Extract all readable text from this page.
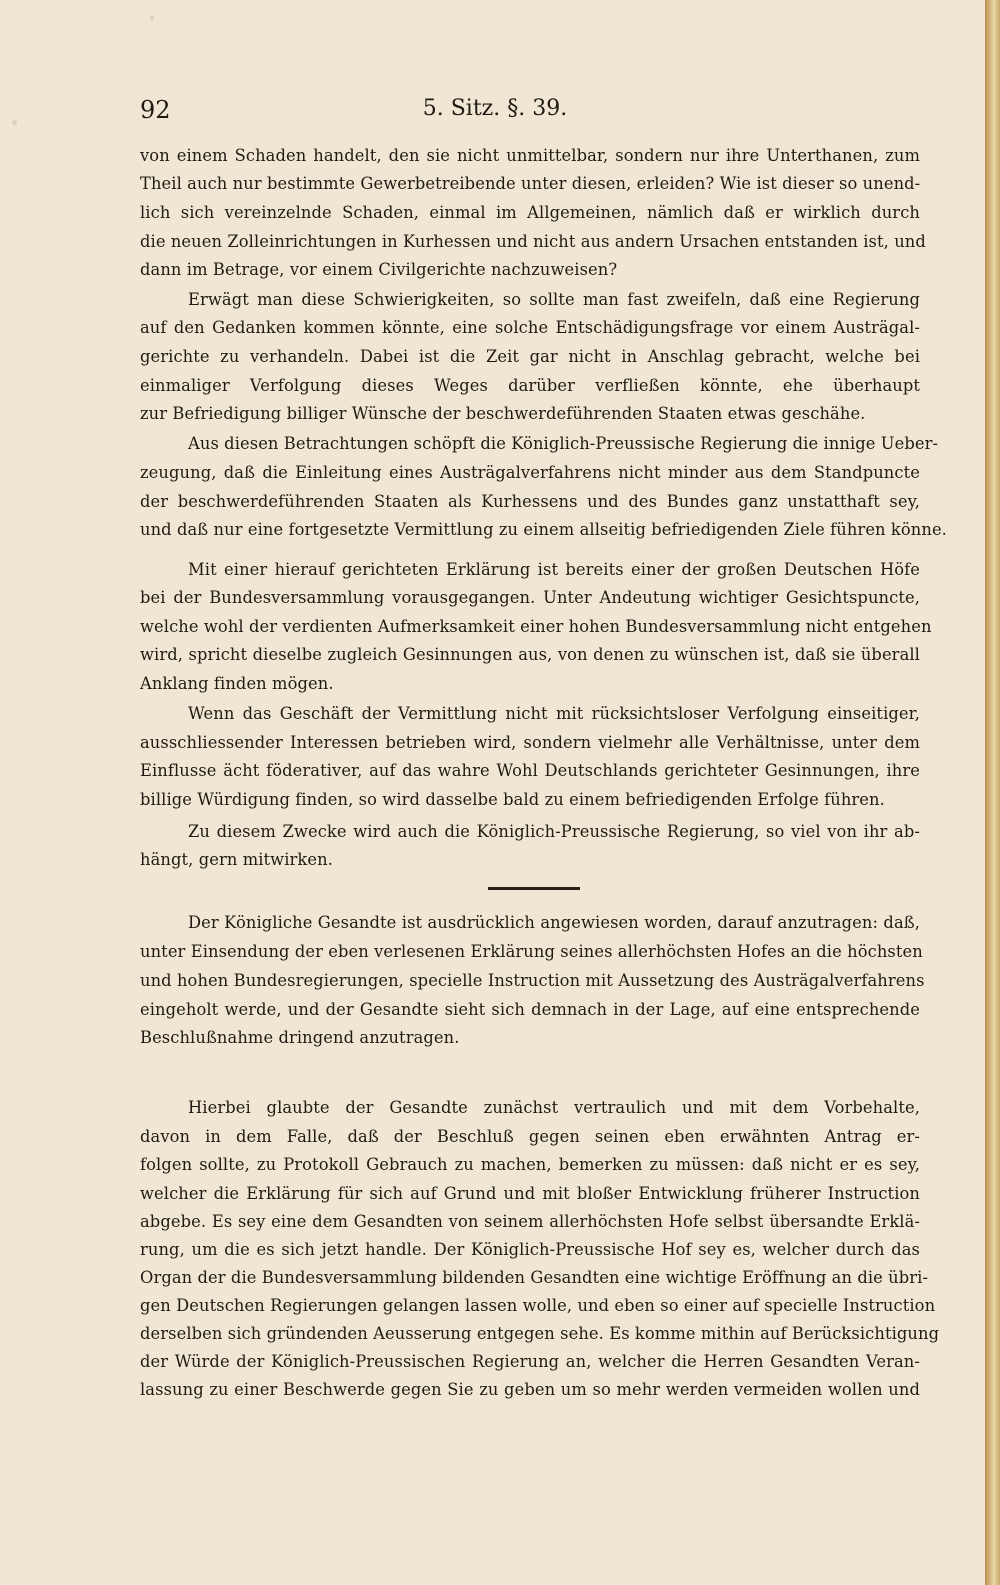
92	5. Sitz. §. 39.

von einem Schaden handelt, den sie nicht unmittelbar, sondern nur ihre Unterthanen, zum

Theil auch nur bestimmte Gewerbetreibende unter diesen, erleiden? Wie ist dieser so unend-

lich sich vereinzelnde Schaden, einmal im Allgemeinen, nämlich daß er wirklich durch

die neuen Zolleinrichtungen in Kurhessen und nicht aus andern Ursachen entstanden ist, und

dann im Betrage, vor einem Civilgerichte nachzuweisen?

Erwägt man diese Schwierigkeiten, so sollte man fast zweifeln, daß eine Regierung

auf den Gedanken kommen könnte, eine solche Entschädigungsfrage vor einem Austrägal-

gerichte zu verhandeln. Dabei ist die Zeit gar nicht in Anschlag gebracht, welche bei

einmaliger Verfolgung dieses Weges darüber verfließen könnte, ehe überhaupt

zur Befriedigung billiger Wünsche der beschwerdeführenden Staaten etwas geschähe.

Aus diesen Betrachtungen schöpft die Königlich-Preussische Regierung die innige Ueber-

zeugung, daß die Einleitung eines Austrägalverfahrens nicht minder aus dem Standpuncte

der beschwerdeführenden Staaten als Kurhessens und des Bundes ganz unstatthaft sey,

und daß nur eine fortgesetzte Vermittlung zu einem allseitig befriedigenden Ziele führen könne.

Mit einer hierauf gerichteten Erklärung ist bereits einer der großen Deutschen Höfe

bei der Bundesversammlung vorausgegangen. Unter Andeutung wichtiger Gesichtspuncte,

welche wohl der verdienten Aufmerksamkeit einer hohen Bundesversammlung nicht entgehen

wird, spricht dieselbe zugleich Gesinnungen aus, von denen zu wünschen ist, daß sie überall

Anklang finden mögen.

Wenn das Geschäft der Vermittlung nicht mit rücksichtsloser Verfolgung einseitiger,

ausschliessender Interessen betrieben wird, sondern vielmehr alle Verhältnisse, unter dem

Einflusse ächt föderativer, auf das wahre Wohl Deutschlands gerichteter Gesinnungen, ihre

billige Würdigung finden, so wird dasselbe bald zu einem befriedigenden Erfolge führen.

Zu diesem Zwecke wird auch die Königlich-Preussische Regierung, so viel von ihr ab-

hängt, gern mitwirken.

Der Königliche Gesandte ist ausdrücklich angewiesen worden, darauf anzutragen: daß,

unter Einsendung der eben verlesenen Erklärung seines allerhöchsten Hofes an die höchsten

und hohen Bundesregierungen, specielle Instruction mit Aussetzung des Austrägalverfahrens

eingeholt werde, und der Gesandte sieht sich demnach in der Lage, auf eine entsprechende

Beschlußnahme dringend anzutragen.

Hierbei glaubte der Gesandte zunächst vertraulich und mit dem Vorbehalte,

davon in dem Falle, daß der Beschluß gegen seinen eben erwähnten Antrag er-

folgen sollte, zu Protokoll Gebrauch zu machen, bemerken zu müssen: daß nicht er es sey,

welcher die Erklärung für sich auf Grund und mit bloßer Entwicklung früherer Instruction

abgebe. Es sey eine dem Gesandten von seinem allerhöchsten Hofe selbst übersandte Erklä-

rung, um die es sich jetzt handle. Der Königlich-Preussische Hof sey es, welcher durch das

Organ der die Bundesversammlung bildenden Gesandten eine wichtige Eröffnung an die übri-

gen Deutschen Regierungen gelangen lassen wolle, und eben so einer auf specielle Instruction

derselben sich gründenden Aeusserung entgegen sehe. Es komme mithin auf Berücksichtigung

der Würde der Königlich-Preussischen Regierung an, welcher die Herren Gesandten Veran-

lassung zu einer Beschwerde gegen Sie zu geben um so mehr werden vermeiden wollen und
